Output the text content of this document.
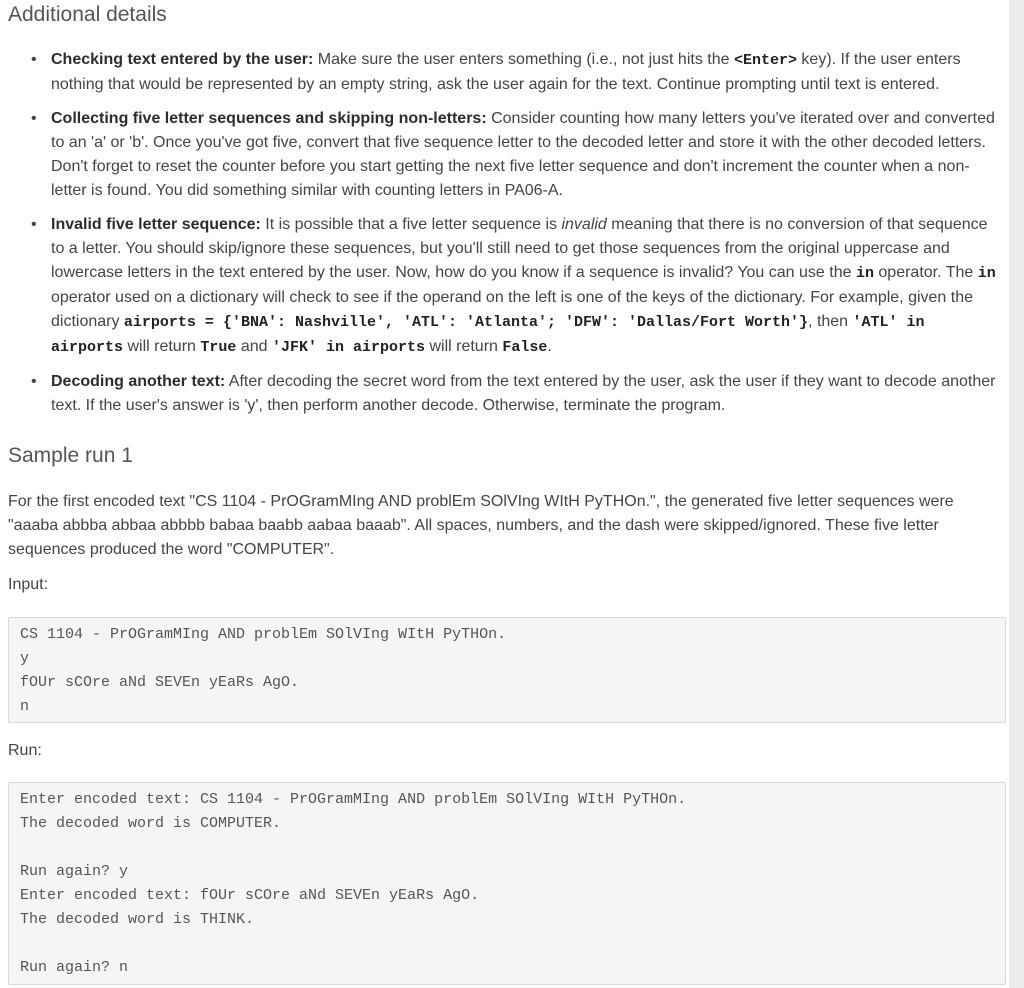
Additional details
• Checking text entered by the user: Make sure the user enters something (i.e., not just hits the <Enter> key). If the user enters nothing that would be represented by an empty string, ask the user again for the text. Continue prompting until text is entered.
• Collecting five letter sequences and skipping non-letters: Consider counting how many letters you've iterated over and converted to an 'a' or 'b'. Once you've got five, convert that five sequence letter to the decoded letter and store it with the other decoded letters. Don't forget to reset the counter before you start getting the next five letter sequence and don't increment the counter when a non-letter is found. You did something similar with counting letters in PA06-A.
• Invalid five letter sequence: It is possible that a five letter sequence is invalid meaning that there is no conversion of that sequence to a letter. You should skip/ignore these sequences, but you'll still need to get those sequences from the original uppercase and lowercase letters in the text entered by the user. Now, how do you know if a sequence is invalid? You can use the in operator. The in operator used on a dictionary will check to see if the operand on the left is one of the keys of the dictionary. For example, given the dictionary airports = {'BNA': Nashville', 'ATL': 'Atlanta'; 'DFW': 'Dallas/Fort Worth'}, then 'ATL' in airports will return True and 'JFK' in airports will return False.
• Decoding another text: After decoding the secret word from the text entered by the user, ask the user if they want to decode another text. If the user's answer is 'y', then perform another decode. Otherwise, terminate the program.
Sample run 1

For the first encoded text "CS 1104 - PrOGramMIng AND problEm SOlVIng WItH PyTHOn.", the generated five letter sequences were "aaaba abbba abbaa abbbb babaa baabb aabaa baaab". All spaces, numbers, and the dash were skipped/ignored. These five letter sequences produced the word "COMPUTER".

Input:

CS 1104 - PrOGramMIng AND problEm SOlVIng WItH PyTHOn.
y
fOUr sCOre aNd SEVEn yEaRs AgO.
n

Run:

Enter encoded text: CS 1104 - PrOGramMIng AND problEm SOlVIng WItH PyTHOn.
The decoded word is COMPUTER.
Run again? y
Enter encoded text: fOUr sCOre aNd SEVEn yEaRs AgO.
The decoded word is THINK.
Run again? n
